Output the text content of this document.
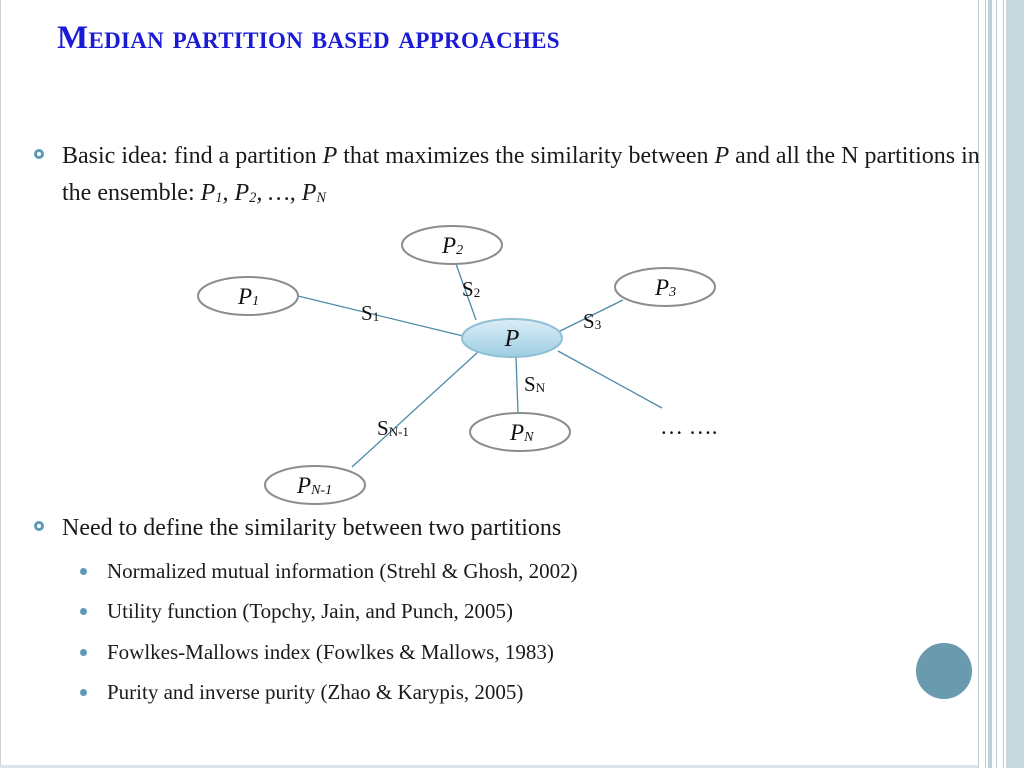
Median partition based approaches
Basic idea: find a partition P that maximizes the similarity between P and all the N partitions in the ensemble: $P_1$, $P_2$, …, $P_N$
P1
P2
P3
PN
PN-1
P
S1
S2
S3
SN
SN-1	… ….
Need to define the similarity between two partitions
Normalized mutual information (Strehl & Ghosh, 2002)
Utility function (Topchy, Jain, and Punch, 2005)
Fowlkes-Mallows index (Fowlkes & Mallows, 1983)
Purity and inverse purity (Zhao & Karypis, 2005)
